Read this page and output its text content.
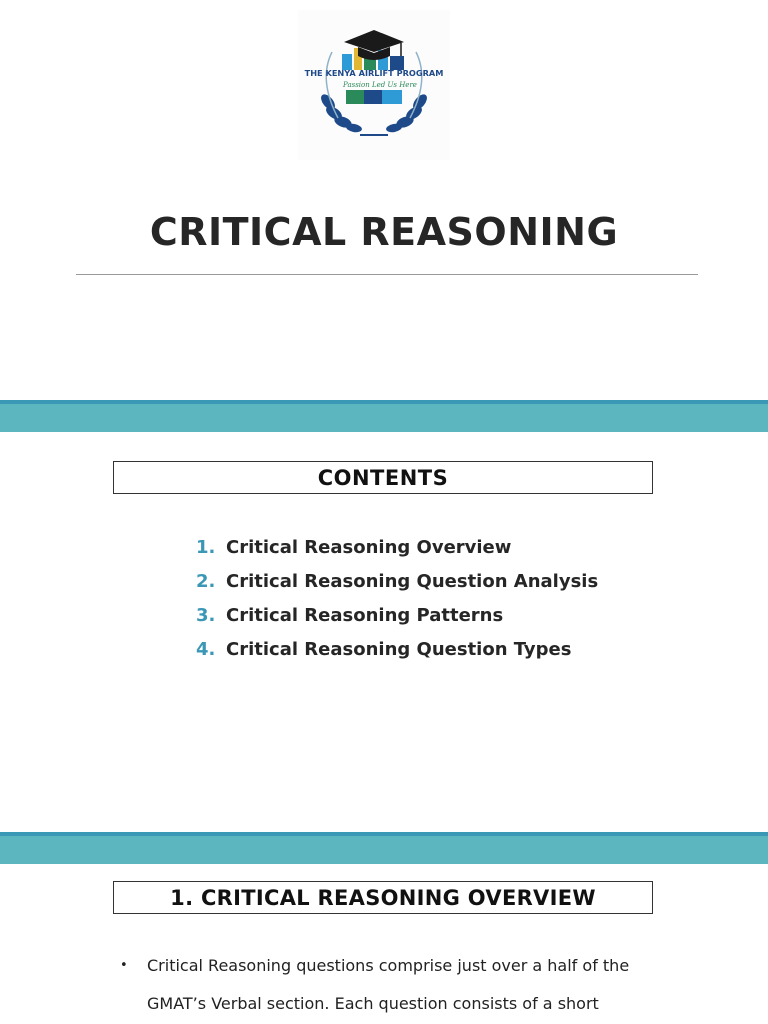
THE KENYA AIRLIFT PROGRAM
Passion Led Us Here
CRITICAL REASONING
CONTENTS
1. Critical Reasoning Overview
2. Critical Reasoning Question Analysis
3. Critical Reasoning Patterns
4. Critical Reasoning Question Types
1. CRITICAL REASONING OVERVIEW
•	Critical Reasoning questions comprise just over a half of the GMAT’s Verbal section. Each question consists of a short
